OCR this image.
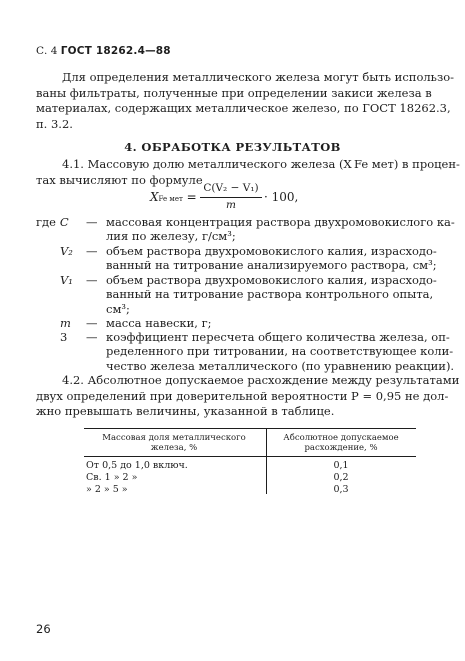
С. 4 ГОСТ 18262.4—88
Для определения металлического железа могут быть использо-
ваны фильтраты, полученные при определении закиси железа в
материалах, содержащих металлическое железо, по ГОСТ 18262.3,
п. 3.2.
4. ОБРАБОТКА РЕЗУЛЬТАТОВ
4.1. Массовую долю металлического железа (X Fe мет) в процен-
тах вычисляют по формуле
XFe мет =
C(V₂ − V₁)
m
· 100,
где C	— массовая концентрация раствора двухромовокислого ка-
лия по железу, г/см³;
V₂	— объем раствора двухромовокислого калия, израсходо-
ванный на титрование анализируемого раствора, см³;
V₁	— объем раствора двухромовокислого калия, израсходо-
ванный на титрование раствора контрольного опыта,
см³;
m	— масса навески, г;
3	— коэффициент пересчета общего количества железа, оп-
ределенного при титровании, на соответствующее коли-
чество железа металлического (по уравнению реакции).
4.2. Абсолютное допускаемое расхождение между результатами
двух определений при доверительной вероятности P = 0,95 не дол-
жно превышать величины, указанной в таблице.
Массовая доля металлического железа, %
Абсолютное допускаемое расхождение, %
От 0,5 до 1,0 включ.	0,1
Св. 1 » 2 »	0,2
» 2 » 5 »	0,3
26
